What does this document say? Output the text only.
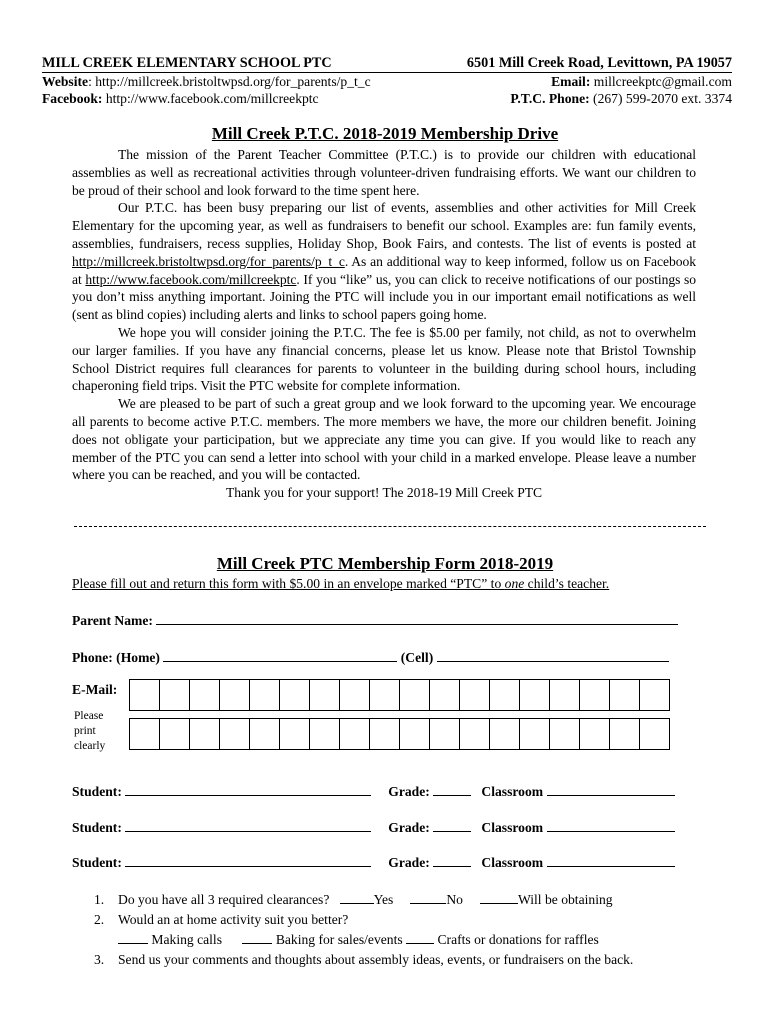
MILL CREEK ELEMENTARY SCHOOL PTC	6501 Mill Creek Road, Levittown, PA 19057
Website: http://millcreek.bristoltwpsd.org/for_parents/p_t_c	Email: millcreekptc@gmail.com
Facebook: http://www.facebook.com/millcreekptc	P.T.C. Phone: (267) 599-2070 ext. 3374
Mill Creek P.T.C. 2018-2019 Membership Drive

The mission of the Parent Teacher Committee (P.T.C.) is to provide our children with educational assemblies as well as recreational activities through volunteer-driven fundraising efforts. We want our children to be proud of their school and look forward to the time spent here.

Our P.T.C. has been busy preparing our list of events, assemblies and other activities for Mill Creek Elementary for the upcoming year, as well as fundraisers to benefit our school. Examples are: fun family events, assemblies, fundraisers, recess supplies, Holiday Shop, Book Fairs, and contests. The list of events is posted at http://millcreek.bristoltwpsd.org/for_parents/p_t_c. As an additional way to keep informed, follow us on Facebook at http://www.facebook.com/millcreekptc. If you “like” us, you can click to receive notifications of our postings so you don’t miss anything important. Joining the PTC will include you in our important email notifications as well (sent as blind copies) including alerts and links to school papers going home.

We hope you will consider joining the P.T.C. The fee is $5.00 per family, not child, as not to overwhelm our larger families. If you have any financial concerns, please let us know. Please note that Bristol Township School District requires full clearances for parents to volunteer in the building during school hours, including chaperoning field trips. Visit the PTC website for complete information.

We are pleased to be part of such a great group and we look forward to the upcoming year. We encourage all parents to become active P.T.C. members. The more members we have, the more our children benefit. Joining does not obligate your participation, but we appreciate any time you can give. If you would like to reach any member of the PTC you can send a letter into school with your child in a marked envelope. Please leave a number where you can be reached, and you will be contacted.

Thank you for your support! The 2018-19 Mill Creek PTC

Mill Creek PTC Membership Form 2018-2019
Please fill out and return this form with $5.00 in an envelope marked “PTC” to one child’s teacher.
Parent Name:
Phone: (Home)	(Cell)
E-Mail:
Please
print
clearly
Student:	Grade:	Classroom
Student:	Grade:	Classroom
Student:	Grade:	Classroom
1.	Do you have all 3 required clearances?	Yes	No	Will be obtaining
2.	Would an at home activity suit you better?
Making calls	Baking for sales/events	Crafts or donations for raffles
3.	Send us your comments and thoughts about assembly ideas, events, or fundraisers on the back.
